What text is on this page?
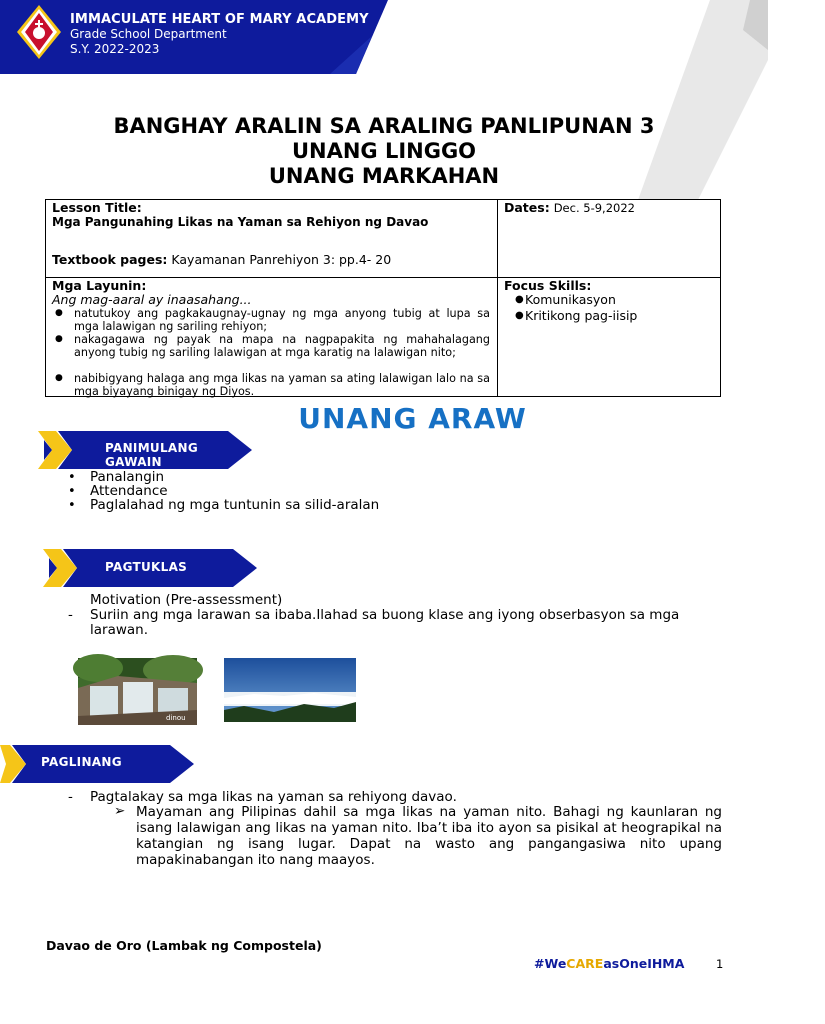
IMMACULATE HEART OF MARY ACADEMY
Grade School Department
S.Y. 2022-2023
BANGHAY ARALIN SA ARALING PANLIPUNAN 3
UNANG LINGGO
UNANG MARKAHAN
Lesson Title:
Mga Pangunahing Likas na Yaman sa Rehiyon ng Davao
Textbook pages: Kayamanan Panrehiyon 3: pp.4- 20
Dates: Dec. 5-9,2022
Mga Layunin:
Ang mag-aaral ay inaasahang...
● natutukoy ang pagkakaugnay-ugnay ng mga anyong tubig at lupa sa mga lalawigan ng sariling rehiyon;
● nakagagawa ng payak na mapa na nagpapakita ng mahahalagang anyong tubig ng sariling lalawigan at mga karatig na lalawigan nito;
● nabibigyang halaga ang mga likas na yaman sa ating lalawigan lalo na sa mga biyayang binigay ng Diyos.
Focus Skills:
● Komunikasyon
● Kritikong pag-iisip
UNANG ARAW
PANIMULANG GAWAIN
• Panalangin
• Attendance
• Paglalahad ng mga tuntunin sa silid-aralan
PAGTUKLAS
Motivation (Pre-assessment)
- Suriin ang mga larawan sa ibaba.Ilahad sa buong klase ang iyong obserbasyon sa mga larawan.
dinou
PAGLINANG
- Pagtalakay sa mga likas na yaman sa rehiyong davao.
➢ Mayaman ang Pilipinas dahil sa mga likas na yaman nito. Bahagi ng kaunlaran ng isang lalawigan ang likas na yaman nito. Iba’t iba ito ayon sa pisikal at heograpikal na katangian ng isang lugar. Dapat na wasto ang pangangasiwa nito upang mapakinabangan ito nang maayos.
Davao de Oro (Lambak ng Compostela)
#WeCAREasOneIHMA	1
